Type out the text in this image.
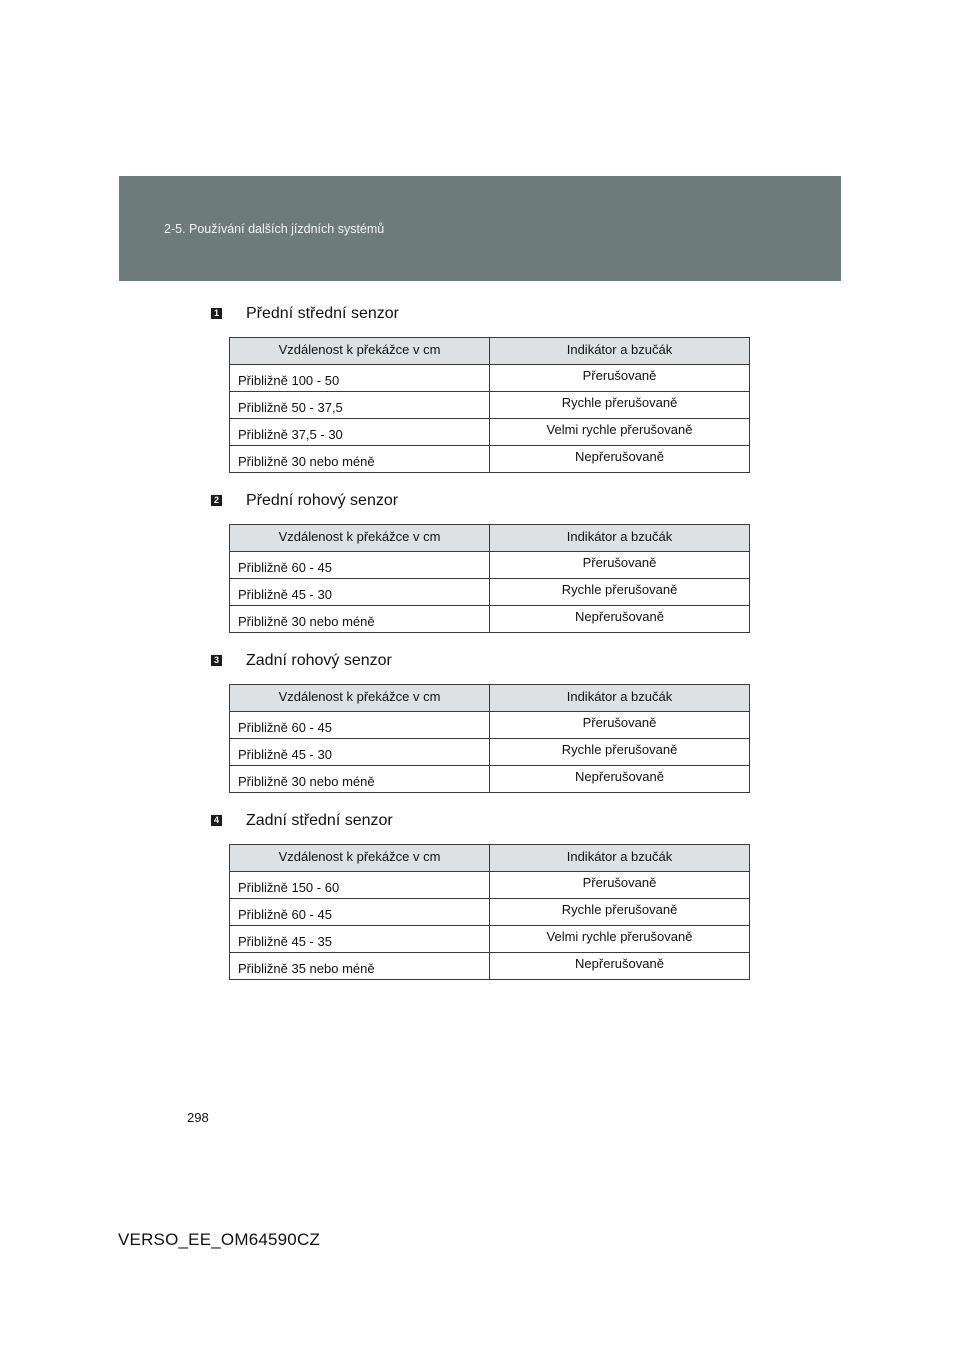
2-5. Používání dalších jízdních systémů
1 Přední střední senzor
Vzdálenost k překážce v cm	Indikátor a bzučák
Přibližně 100 - 50	Přerušovaně
Přibližně 50 - 37,5	Rychle přerušovaně
Přibližně 37,5 - 30	Velmi rychle přerušovaně
Přibližně 30 nebo méně	Nepřerušovaně
2 Přední rohový senzor
Vzdálenost k překážce v cm	Indikátor a bzučák
Přibližně 60 - 45	Přerušovaně
Přibližně 45 - 30	Rychle přerušovaně
Přibližně 30 nebo méně	Nepřerušovaně
3 Zadní rohový senzor
Vzdálenost k překážce v cm	Indikátor a bzučák
Přibližně 60 - 45	Přerušovaně
Přibližně 45 - 30	Rychle přerušovaně
Přibližně 30 nebo méně	Nepřerušovaně
4 Zadní střední senzor
Vzdálenost k překážce v cm	Indikátor a bzučák
Přibližně 150 - 60	Přerušovaně
Přibližně 60 - 45	Rychle přerušovaně
Přibližně 45 - 35	Velmi rychle přerušovaně
Přibližně 35 nebo méně	Nepřerušovaně
298
VERSO_EE_OM64590CZ
